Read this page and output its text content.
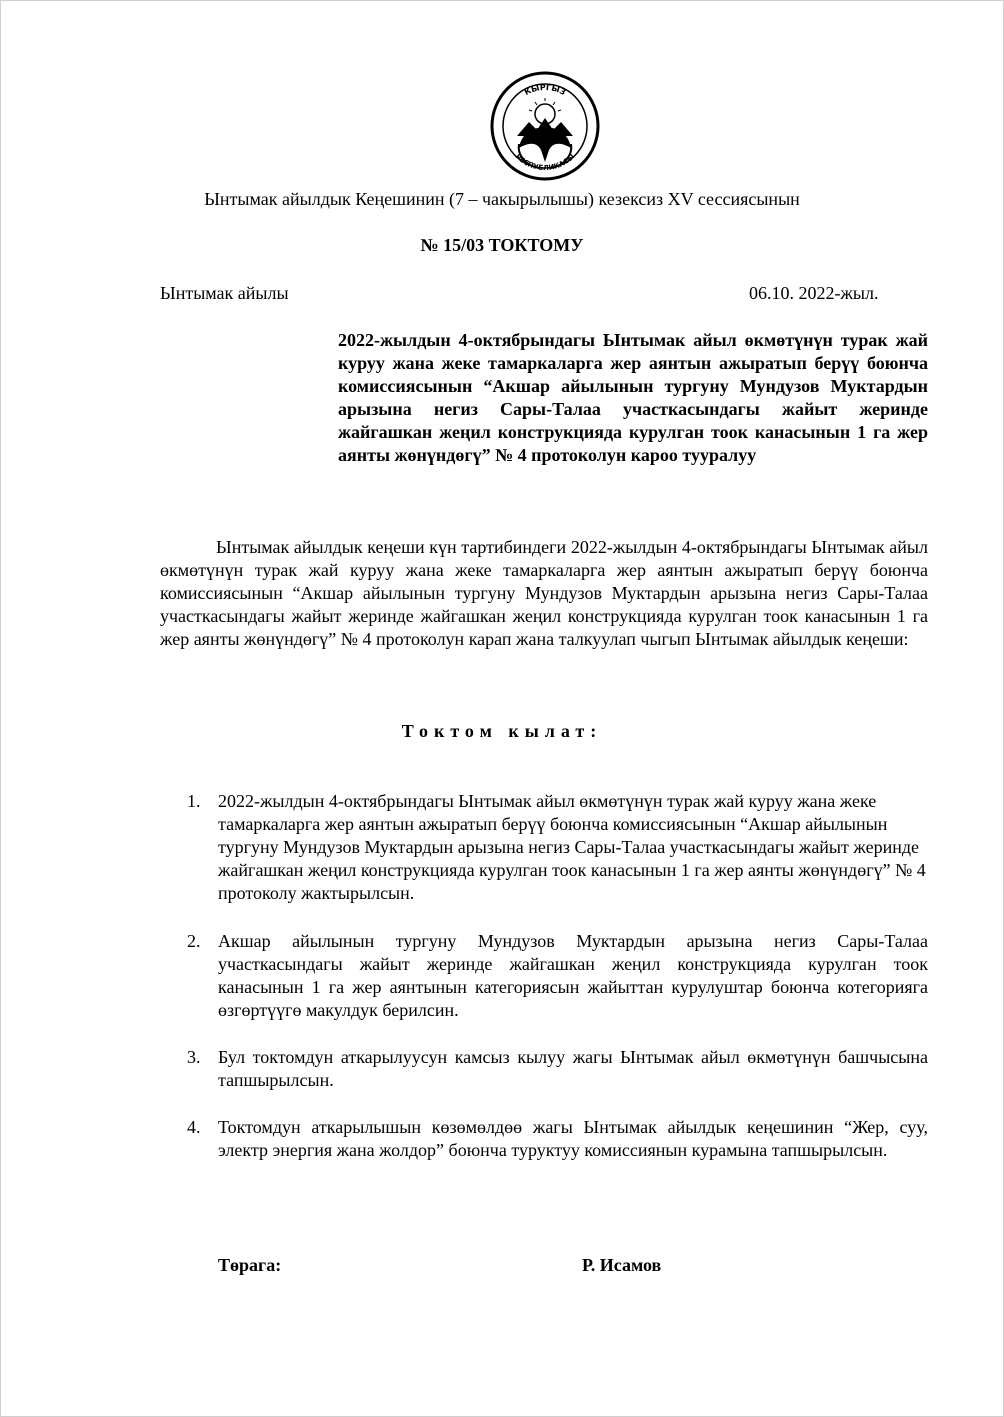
КЫРГЫЗ
РЕСПУБЛИКАСЫ
Ынтымак айылдык Кеңешинин (7 – чакырылышы) кезексиз XV сессиясынын
№ 15/03 ТОКТОМУ
Ынтымак айылы	06.10. 2022-жыл.
2022-жылдын 4-октябрындагы Ынтымак айыл өкмөтүнүн турак жай куруу жана жеке тамаркаларга жер аянтын ажыратып берүү боюнча комиссиясынын “Акшар айылынын тургуну Мундузов Муктардын арызына негиз Сары-Талаа участкасындагы жайыт жеринде жайгашкан жеңил конструкцияда курулган тоок канасынын 1 га жер аянты жөнүндөгү” № 4 протоколун кароо тууралуу
Ынтымак айылдык кеңеши күн тартибиндеги 2022-жылдын 4-октябрындагы Ынтымак айыл өкмөтүнүн турак жай куруу жана жеке тамаркаларга жер аянтын ажыратып берүү боюнча комиссиясынын “Акшар айылынын тургуну Мундузов Муктардын арызына негиз Сары-Талаа участкасындагы жайыт жеринде жайгашкан жеңил конструкцияда курулган тоок канасынын 1 га жер аянты жөнүндөгү” № 4 протоколун карап жана талкуулап чыгып Ынтымак айылдык кеңеши:
Токтом кылат:
1. 2022-жылдын 4-октябрындагы Ынтымак айыл өкмөтүнүн турак жай куруу жана жеке тамаркаларга жер аянтын ажыратып берүү боюнча комиссиясынын “Акшар айылынын тургуну Мундузов Муктардын арызына негиз Сары-Талаа участкасындагы жайыт жеринде жайгашкан жеңил конструкцияда курулган тоок канасынын 1 га жер аянты жөнүндөгү” № 4 протоколу жактырылсын.
2. Акшар айылынын тургуну Мундузов Муктардын арызына негиз Сары-Талаа участкасындагы жайыт жеринде жайгашкан жеңил конструкцияда курулган тоок канасынын 1 га жер аянтынын категориясын жайыттан курулуштар боюнча котегорияга өзгөртүүгө макулдук берилсин.
3. Бул токтомдун аткарылуусун камсыз кылуу жагы Ынтымак айыл өкмөтүнүн башчысына тапшырылсын.
4. Токтомдун аткарылышын көзөмөлдөө жагы Ынтымак айылдык кеңешинин “Жер, суу, электр энергия жана жолдор” боюнча туруктуу комиссиянын курамына тапшырылсын.
Төрага:	Р. Исамов
